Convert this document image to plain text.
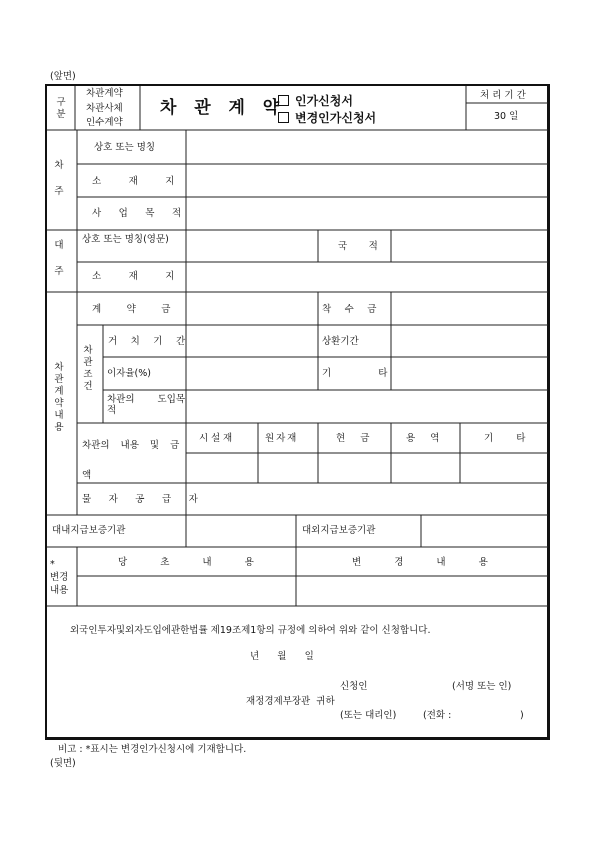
(앞면)
구분
차관계약
차관사체
인수계약
차 관 계 약 인가신청서
변경인가신청서
처 리 기 간
30 일
차
주
상호 또는 명칭
소 재 지
사 업 목 적
대
주
상호 또는 명칭(영문)
국 적
소 재 지
차
관
계
약
내
용
계 약 금	착 수 금
차
관
조
건
거 치 기 간	상환기간
이자율(%)	기 타
차관의 도입목적
차관의 내용 및 금액
시설재	원자재	현 금	용 역	기 타
물 자 공 급 자
대내지급보증기관	대외지급보증기관
*
변경
내용
당 초 내 용	변 경 내 용
외국인투자및외자도입에관한법률 제19조제1항의 규정에 의하여 위와 같이 신청합니다.
년      월      일
신청인	(서명 또는 인)
재정경제부장관  귀하
(또는 대리인)	(전화 :	)
비고 : *표시는 변경인가신청시에 기재합니다.
(뒷면)
